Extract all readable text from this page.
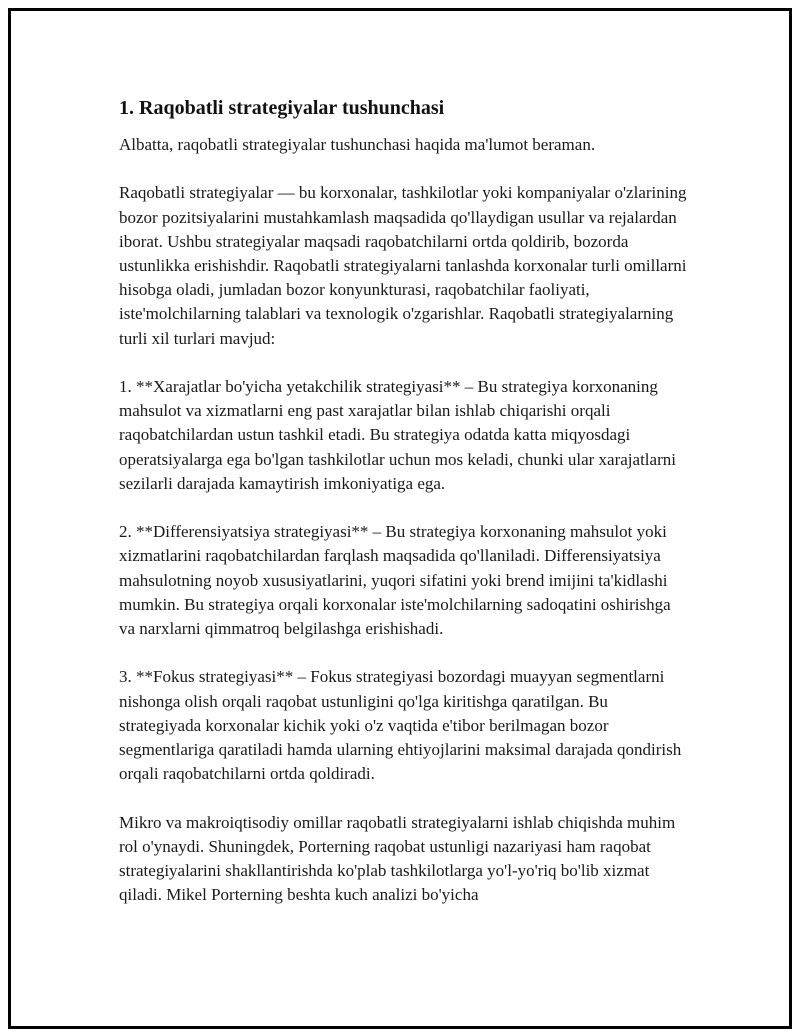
1. Raqobatli strategiyalar tushunchasi

Albatta, raqobatli strategiyalar tushunchasi haqida ma'lumot beraman.

Raqobatli strategiyalar — bu korxonalar, tashkilotlar yoki kompaniyalar o'zlarining bozor pozitsiyalarini mustahkamlash maqsadida qo'llaydigan usullar va rejalardan iborat. Ushbu strategiyalar maqsadi raqobatchilarni ortda qoldirib, bozorda ustunlikka erishishdir. Raqobatli strategiyalarni tanlashda korxonalar turli omillarni hisobga oladi, jumladan bozor konyunkturasi, raqobatchilar faoliyati, iste'molchilarning talablari va texnologik o'zgarishlar. Raqobatli strategiyalarning turli xil turlari mavjud:

1. **Xarajatlar bo'yicha yetakchilik strategiyasi** – Bu strategiya korxonaning mahsulot va xizmatlarni eng past xarajatlar bilan ishlab chiqarishi orqali raqobatchilardan ustun tashkil etadi. Bu strategiya odatda katta miqyosdagi operatsiyalarga ega bo'lgan tashkilotlar uchun mos keladi, chunki ular xarajatlarni sezilarli darajada kamaytirish imkoniyatiga ega.

2. **Differensiyatsiya strategiyasi** – Bu strategiya korxonaning mahsulot yoki xizmatlarini raqobatchilardan farqlash maqsadida qo'llaniladi. Differensiyatsiya mahsulotning noyob xususiyatlarini, yuqori sifatini yoki brend imijini ta'kidlashi mumkin. Bu strategiya orqali korxonalar iste'molchilarning sadoqatini oshirishga va narxlarni qimmatroq belgilashga erishishadi.

3. **Fokus strategiyasi** – Fokus strategiyasi bozordagi muayyan segmentlarni nishonga olish orqali raqobat ustunligini qo'lga kiritishga qaratilgan. Bu strategiyada korxonalar kichik yoki o'z vaqtida e'tibor berilmagan bozor segmentlariga qaratiladi hamda ularning ehtiyojlarini maksimal darajada qondirish orqali raqobatchilarni ortda qoldiradi.

Mikro va makroiqtisodiy omillar raqobatli strategiyalarni ishlab chiqishda muhim rol o'ynaydi. Shuningdek, Porterning raqobat ustunligi nazariyasi ham raqobat strategiyalarini shakllantirishda ko'plab tashkilotlarga yo'l-yo'riq bo'lib xizmat qiladi. Mikel Porterning beshta kuch analizi bo'yicha
